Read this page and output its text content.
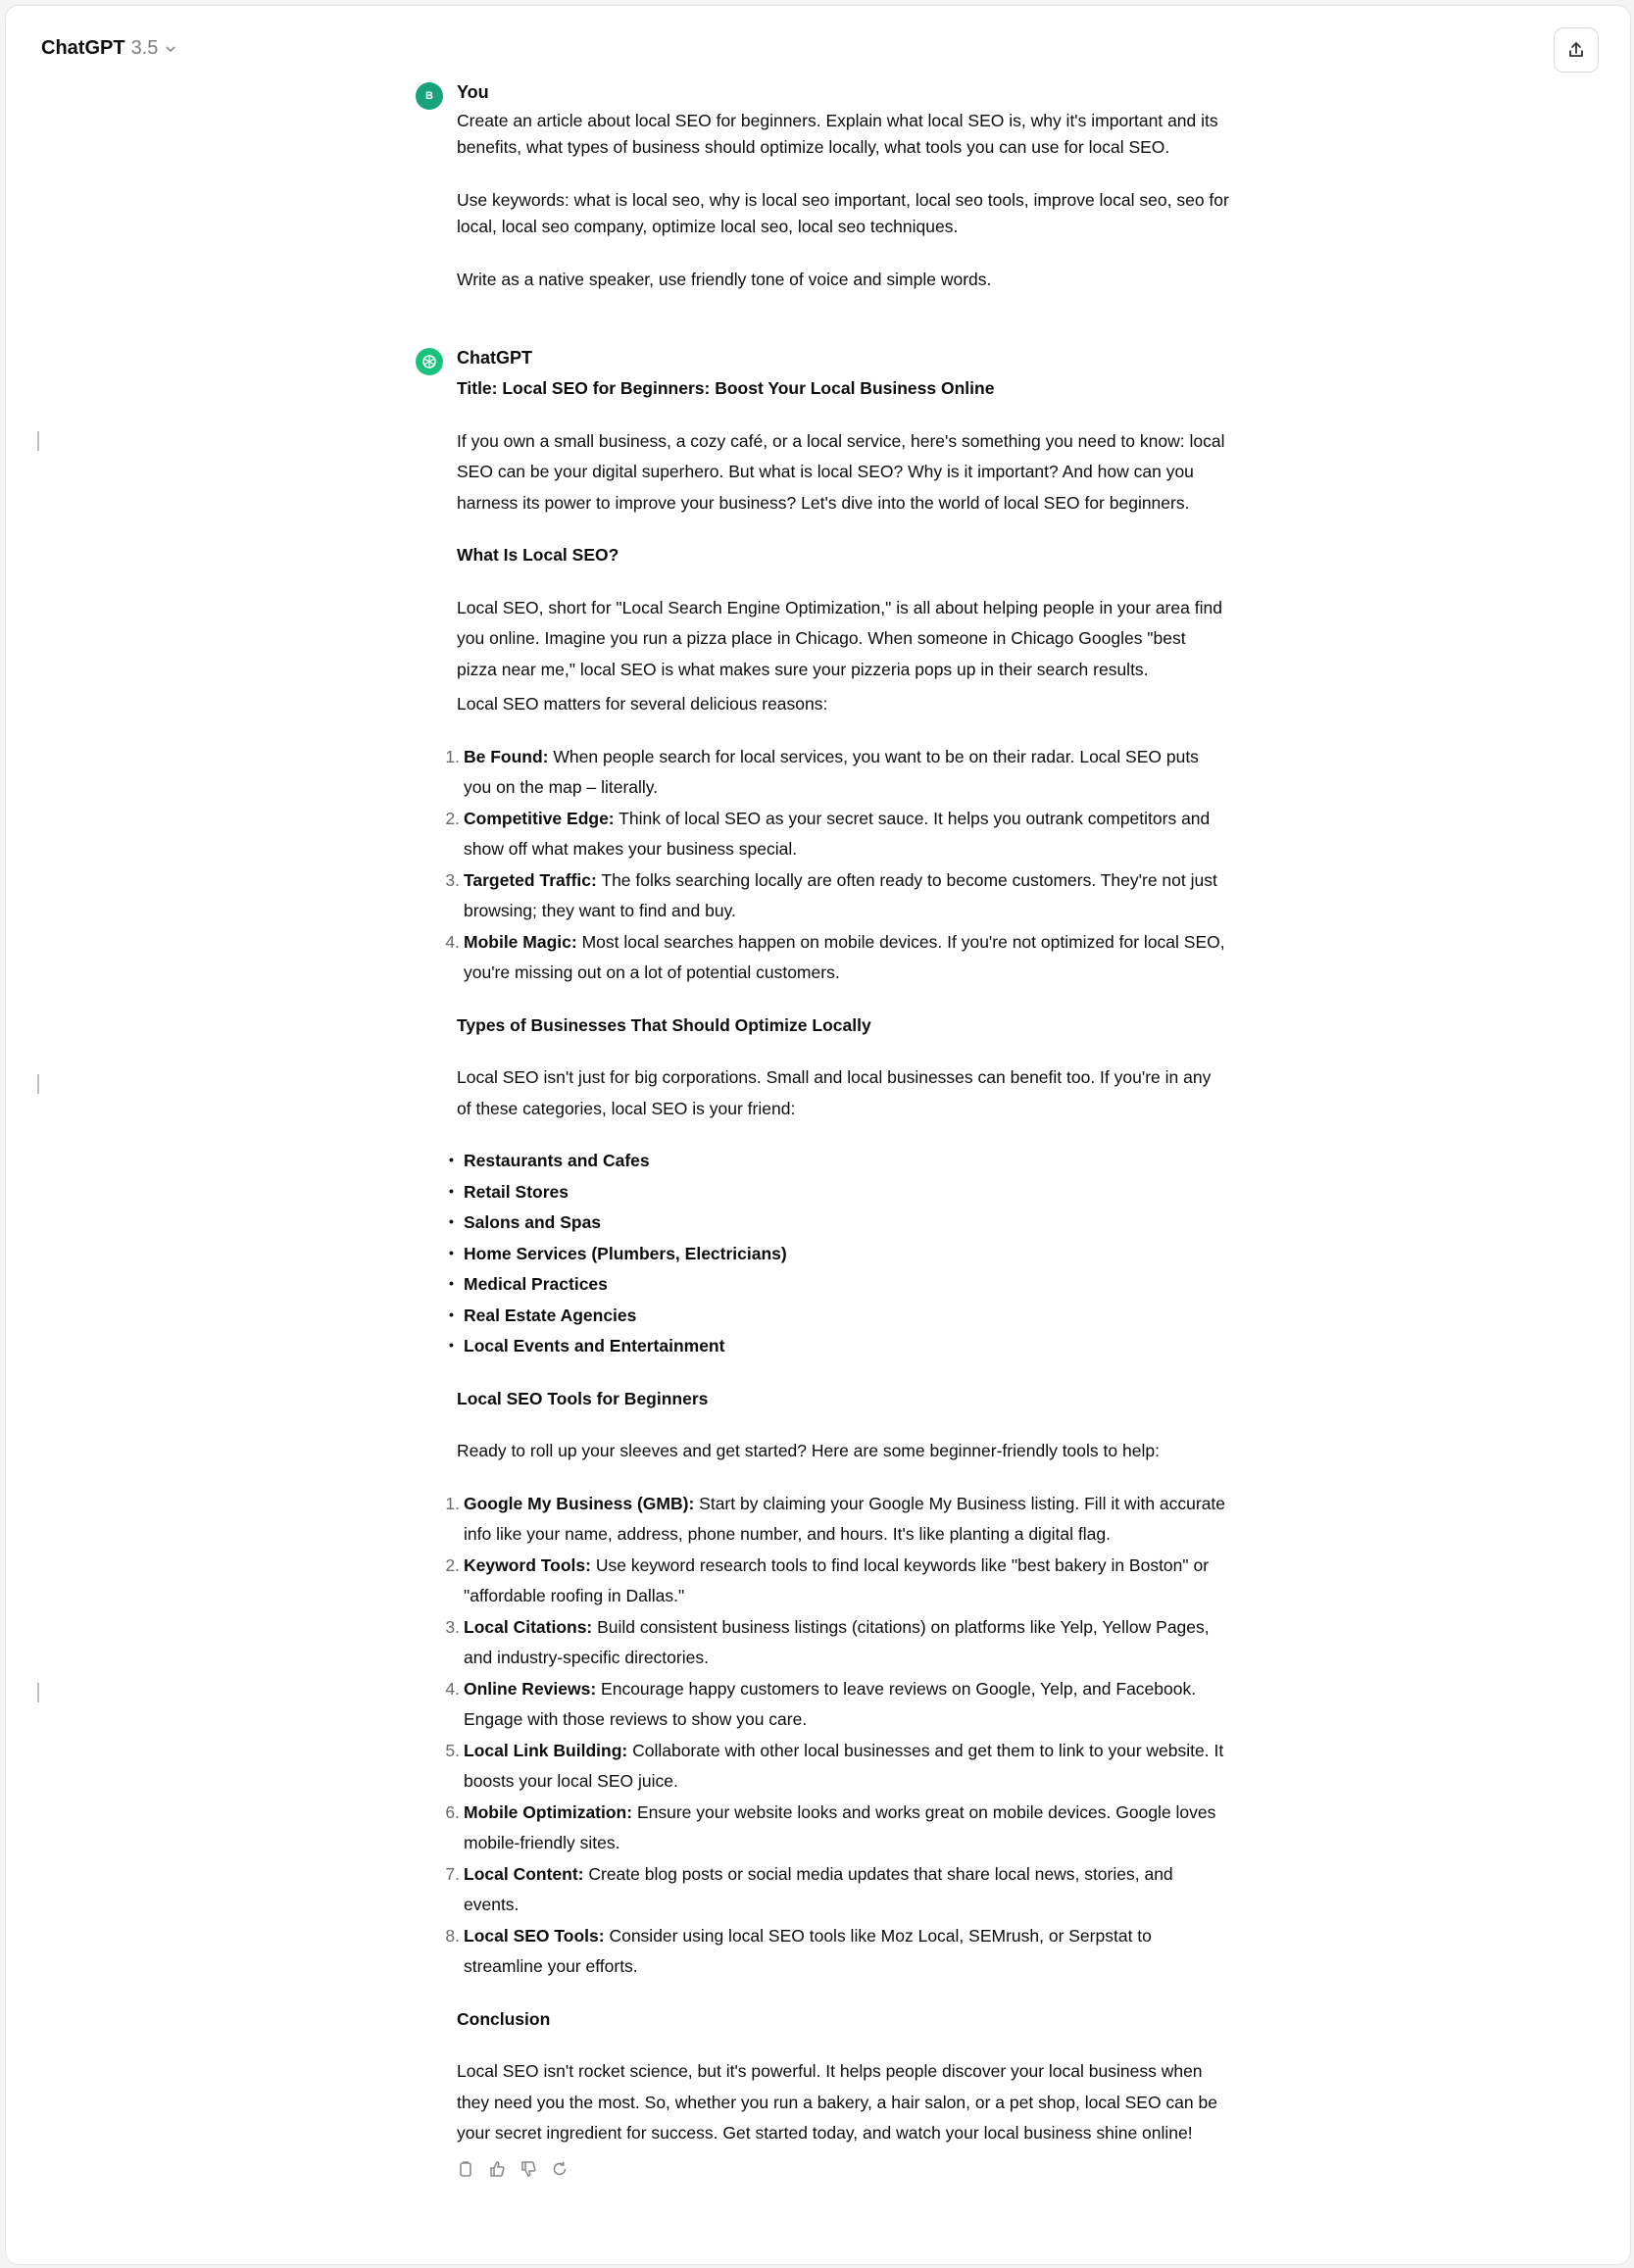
ChatGPT 3.5
B	You

Create an article about local SEO for beginners. Explain what local SEO is, why it's important and its benefits, what types of business should optimize locally, what tools you can use for local SEO.

Use keywords: what is local seo, why is local seo important, local seo tools, improve local seo, seo for local, local seo company, optimize local seo, local seo techniques.

Write as a native speaker, use friendly tone of voice and simple words.

ChatGPT

Title: Local SEO for Beginners: Boost Your Local Business Online

If you own a small business, a cozy café, or a local service, here's something you need to know: local SEO can be your digital superhero. But what is local SEO? Why is it important? And how can you harness its power to improve your business? Let's dive into the world of local SEO for beginners.

What Is Local SEO?

Local SEO, short for "Local Search Engine Optimization," is all about helping people in your area find you online. Imagine you run a pizza place in Chicago. When someone in Chicago Googles "best pizza near me," local SEO is what makes sure your pizzeria pops up in their search results.

Local SEO matters for several delicious reasons:

1. Be Found: When people search for local services, you want to be on their radar. Local SEO puts you on the map – literally.
2. Competitive Edge: Think of local SEO as your secret sauce. It helps you outrank competitors and show off what makes your business special.
3. Targeted Traffic: The folks searching locally are often ready to become customers. They're not just browsing; they want to find and buy.
4. Mobile Magic: Most local searches happen on mobile devices. If you're not optimized for local SEO, you're missing out on a lot of potential customers.
Types of Businesses That Should Optimize Locally

Local SEO isn't just for big corporations. Small and local businesses can benefit too. If you're in any of these categories, local SEO is your friend:

• Restaurants and Cafes
• Retail Stores
• Salons and Spas
• Home Services (Plumbers, Electricians)
• Medical Practices
• Real Estate Agencies
• Local Events and Entertainment
Local SEO Tools for Beginners

Ready to roll up your sleeves and get started? Here are some beginner-friendly tools to help:

1. Google My Business (GMB): Start by claiming your Google My Business listing. Fill it with accurate info like your name, address, phone number, and hours. It's like planting a digital flag.
2. Keyword Tools: Use keyword research tools to find local keywords like "best bakery in Boston" or "affordable roofing in Dallas."
3. Local Citations: Build consistent business listings (citations) on platforms like Yelp, Yellow Pages, and industry-specific directories.
4. Online Reviews: Encourage happy customers to leave reviews on Google, Yelp, and Facebook. Engage with those reviews to show you care.
5. Local Link Building: Collaborate with other local businesses and get them to link to your website. It boosts your local SEO juice.
6. Mobile Optimization: Ensure your website looks and works great on mobile devices. Google loves mobile-friendly sites.
7. Local Content: Create blog posts or social media updates that share local news, stories, and events.
8. Local SEO Tools: Consider using local SEO tools like Moz Local, SEMrush, or Serpstat to streamline your efforts.
Conclusion

Local SEO isn't rocket science, but it's powerful. It helps people discover your local business when they need you the most. So, whether you run a bakery, a hair salon, or a pet shop, local SEO can be your secret ingredient for success. Get started today, and watch your local business shine online!
